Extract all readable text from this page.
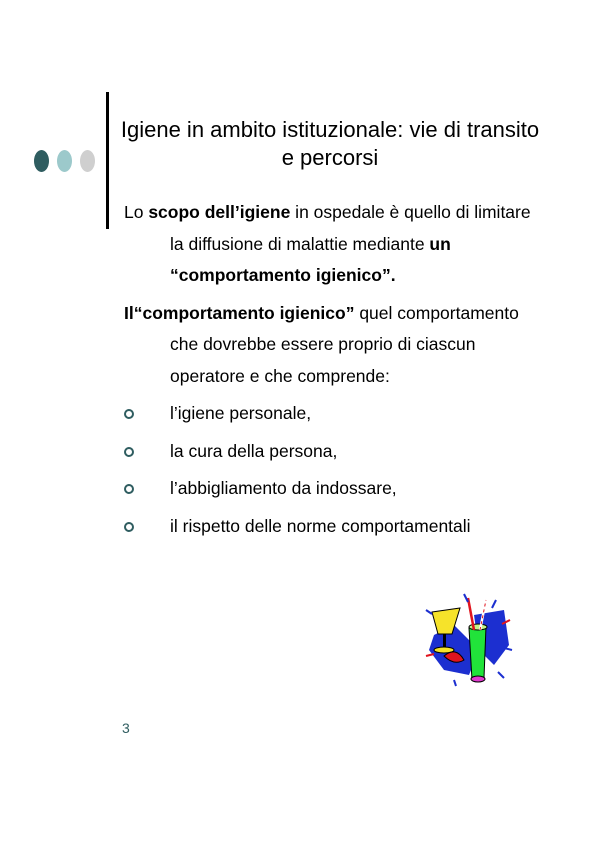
Igiene in ambito istituzionale: vie di transito e percorsi

Lo scopo dell’igiene in ospedale è quello di limitare la diffusione di malattie mediante un “comportamento igienico”.

Il“comportamento igienico” quel comportamento che dovrebbe essere proprio di ciascun operatore e che comprende:

l’igiene personale,
la cura della persona,
l’abbigliamento da indossare,
il rispetto delle norme comportamentali
3
